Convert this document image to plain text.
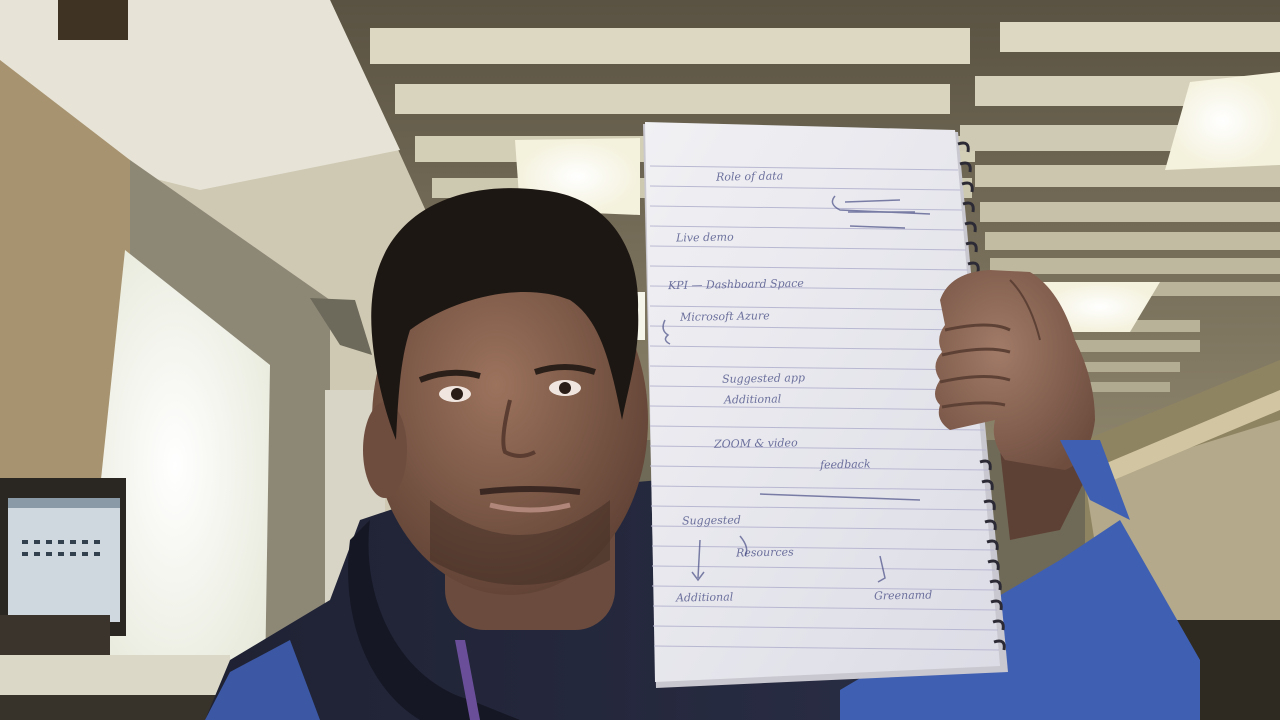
Role of data
Live demo
KPI — Dashboard Space
Microsoft Azure
Suggested app
Additional
ZOOM & video
feedback
Suggested
Resources
Additional	Greenamd
